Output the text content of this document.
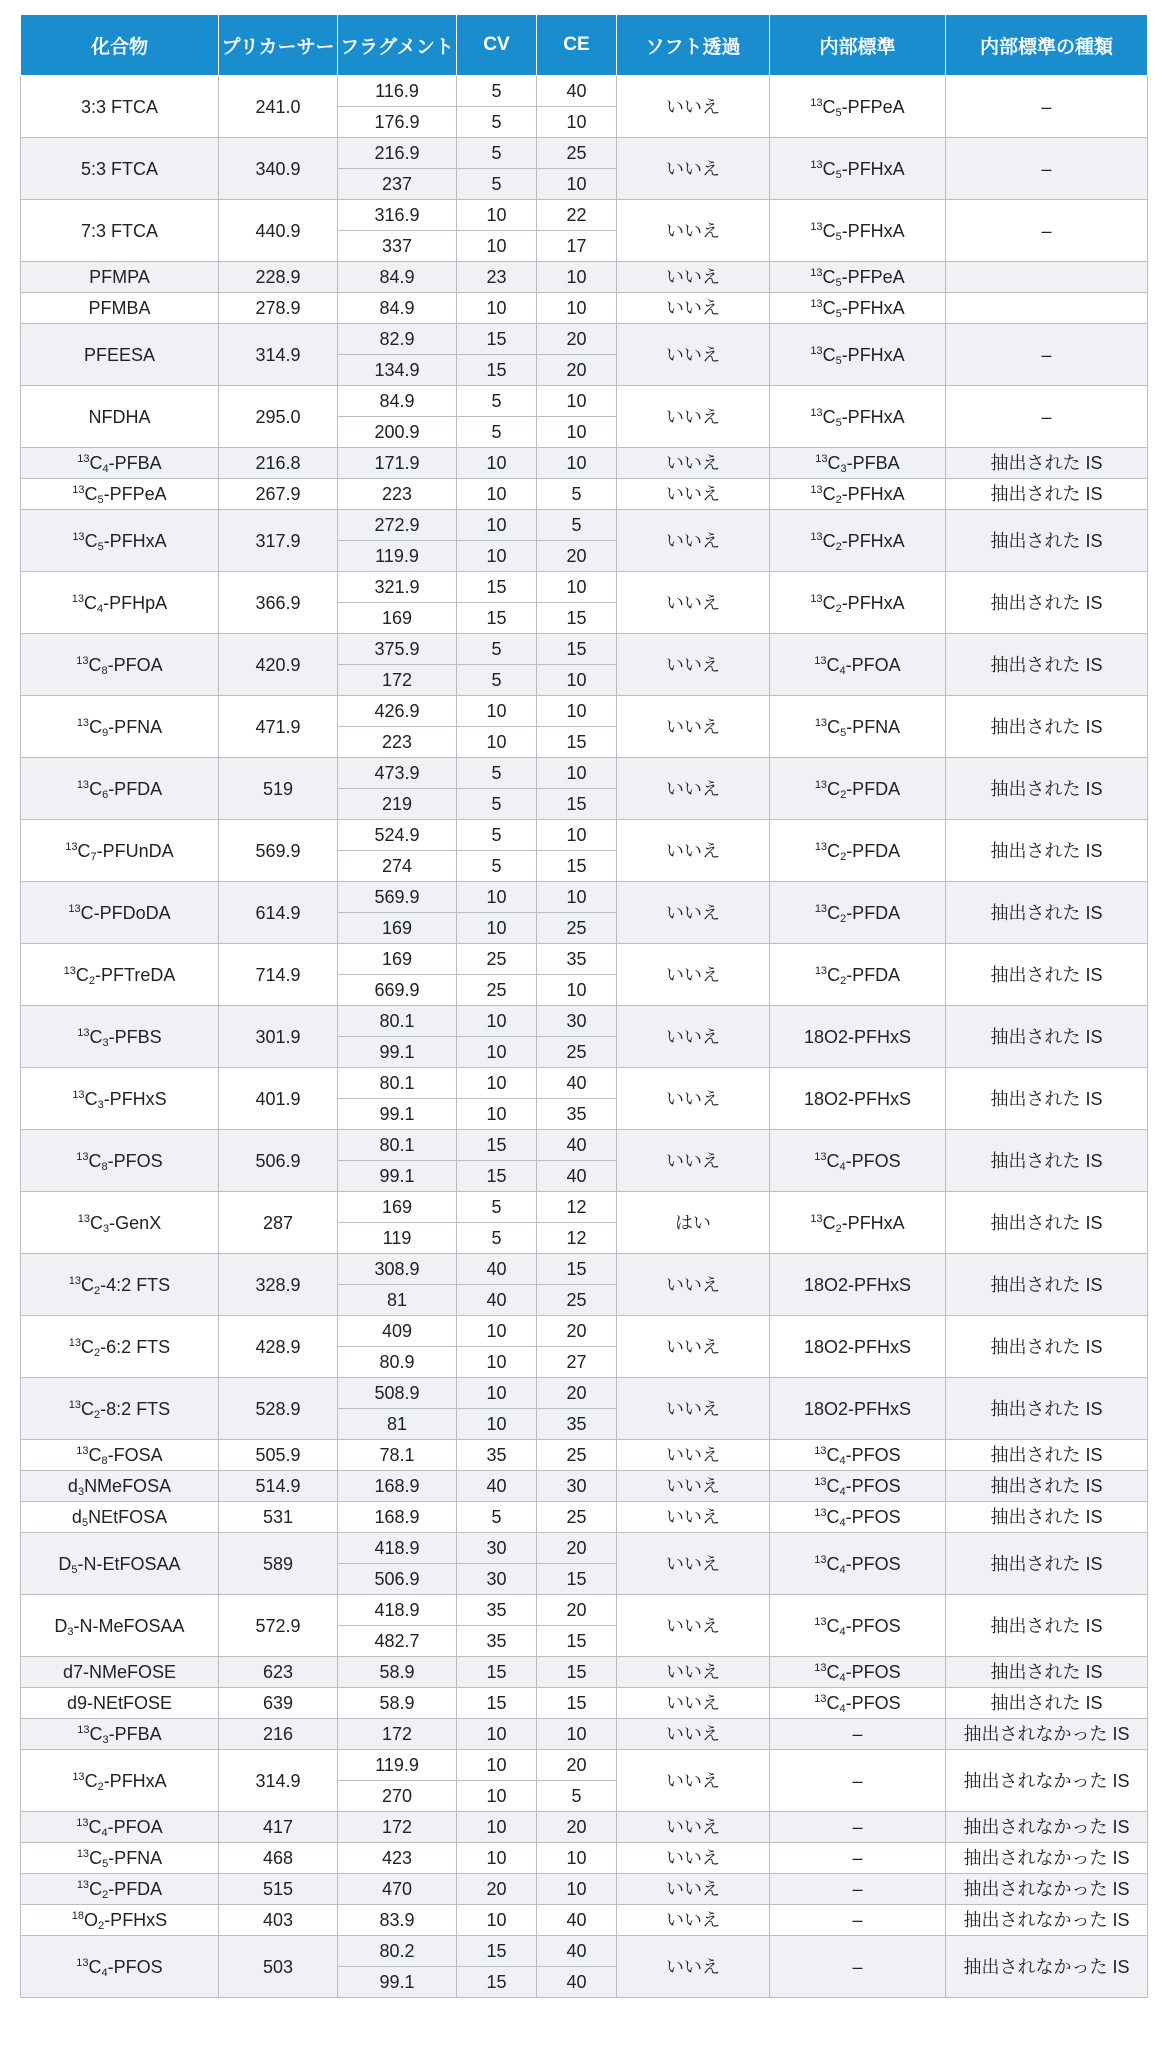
化合物	プリカーサー	フラグメント	CV	CE	ソフト透過	内部標準	内部標準の種類
3:3 FTCA	241.0	116.9	5	40	いいえ	$^{13}C_5$-PFPeA	–
		176.9	5	10			
5:3 FTCA	340.9	216.9	5	25	いいえ	$^{13}C_5$-PFHxA	–
		237	5	10			
7:3 FTCA	440.9	316.9	10	22	いいえ	$^{13}C_5$-PFHxA	–
		337	10	17			
PFMPA	228.9	84.9	23	10	いいえ	$^{13}C_5$-PFPeA	
PFMBA	278.9	84.9	10	10	いいえ	$^{13}C_5$-PFHxA	
PFEESA	314.9	82.9	15	20	いいえ	$^{13}C_5$-PFHxA	–
		134.9	15	20			
NFDHA	295.0	84.9	5	10	いいえ	$^{13}C_5$-PFHxA	–
		200.9	5	10			
$^{13}C_4$-PFBA	216.8	171.9	10	10	いいえ	$^{13}C_3$-PFBA	抽出された IS
$^{13}C_5$-PFPeA	267.9	223	10	5	いいえ	$^{13}C_2$-PFHxA	抽出された IS
$^{13}C_5$-PFHxA	317.9	272.9	10	5	いいえ	$^{13}C_2$-PFHxA	抽出された IS
		119.9	10	20			
$^{13}C_4$-PFHpA	366.9	321.9	15	10	いいえ	$^{13}C_2$-PFHxA	抽出された IS
		169	15	15			
$^{13}C_8$-PFOA	420.9	375.9	5	15	いいえ	$^{13}C_4$-PFOA	抽出された IS
		172	5	10			
$^{13}C_9$-PFNA	471.9	426.9	10	10	いいえ	$^{13}C_5$-PFNA	抽出された IS
		223	10	15			
$^{13}C_6$-PFDA	519	473.9	5	10	いいえ	$^{13}C_2$-PFDA	抽出された IS
		219	5	15			
$^{13}C_7$-PFUnDA	569.9	524.9	5	10	いいえ	$^{13}C_2$-PFDA	抽出された IS
		274	5	15			
$^{13}$C-PFDoDA	614.9	569.9	10	10	いいえ	$^{13}C_2$-PFDA	抽出された IS
		169	10	25			
$^{13}C_2$-PFTreDA	714.9	169	25	35	いいえ	$^{13}C_2$-PFDA	抽出された IS
		669.9	25	10			
$^{13}C_3$-PFBS	301.9	80.1	10	30	いいえ	18O2-PFHxS	抽出された IS
		99.1	10	25			
$^{13}C_3$-PFHxS	401.9	80.1	10	40	いいえ	18O2-PFHxS	抽出された IS
		99.1	10	35			
$^{13}C_8$-PFOS	506.9	80.1	15	40	いいえ	$^{13}C_4$-PFOS	抽出された IS
		99.1	15	40			
$^{13}C_3$-GenX	287	169	5	12	はい	$^{13}C_2$-PFHxA	抽出された IS
		119	5	12			
$^{13}C_2-4:2$ FTS	328.9	308.9	40	15	いいえ	18O2-PFHxS	抽出された IS
		81	40	25			
$^{13}C_2-6:2$ FTS	428.9	409	10	20	いいえ	18O2-PFHxS	抽出された IS
		80.9	10	27			
$^{13}C_2-8:2$ FTS	528.9	508.9	10	20	いいえ	18O2-PFHxS	抽出された IS
		81	10	35			
$^{13}C_8$-FOSA	505.9	78.1	35	25	いいえ	$^{13}C_4$-PFOS	抽出された IS
$d_3NMeFOSA$	514.9	168.9	40	30	いいえ	$^{13}C_4$-PFOS	抽出された IS
$d_5NEtFOSA$	531	168.9	5	25	いいえ	$^{13}C_4$-PFOS	抽出された IS
$D_5-N$-EtFOSAA	589	418.9	30	20	いいえ	$^{13}C_4$-PFOS	抽出された IS
		506.9	30	15			
$D_3-N$-MeFOSAA	572.9	418.9	35	20	いいえ	$^{13}C_4$-PFOS	抽出された IS
		482.7	35	15			
d7-NMeFOSE	623	58.9	15	15	いいえ	$^{13}C_4$-PFOS	抽出された IS
d9-NEtFOSE	639	58.9	15	15	いいえ	$^{13}C_4$-PFOS	抽出された IS
$^{13}C_3$-PFBA	216	172	10	10	いいえ	–	抽出されなかった IS
$^{13}C_2$-PFHxA	314.9	119.9	10	20	いいえ	–	抽出されなかった IS
		270	10	5			
$^{13}C_4$-PFOA	417	172	10	20	いいえ	–	抽出されなかった IS
$^{13}C_5$-PFNA	468	423	10	10	いいえ	–	抽出されなかった IS
$^{13}C_2$-PFDA	515	470	20	10	いいえ	–	抽出されなかった IS
$^{18}O_2$-PFHxS	403	83.9	10	40	いいえ	–	抽出されなかった IS
$^{13}C_4$-PFOS	503	80.2	15	40	いいえ	–	抽出されなかった IS
		99.1	15	40			
